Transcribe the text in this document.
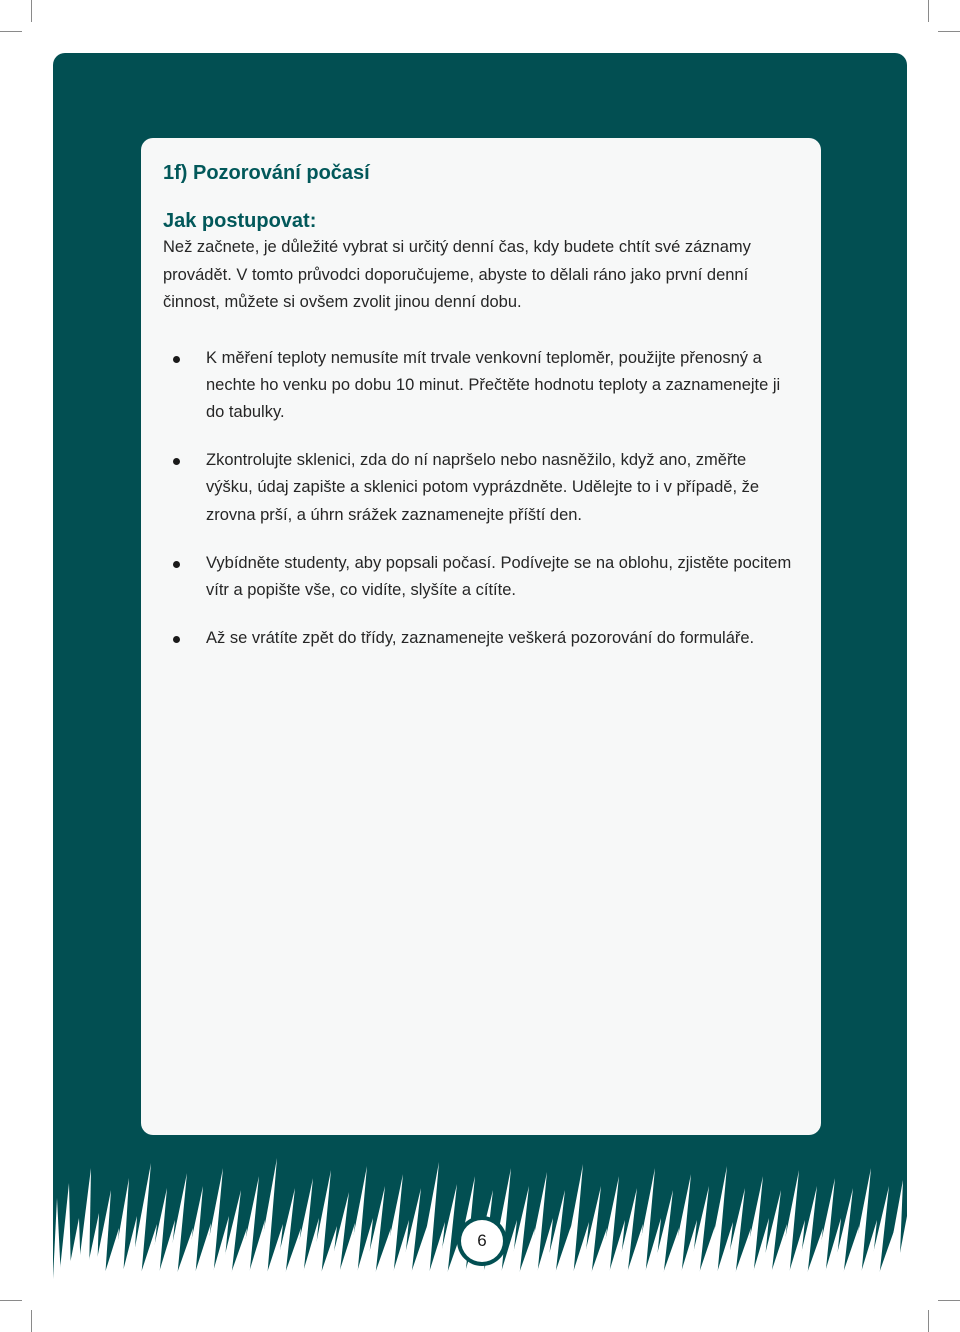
1f) Pozorování počasí
Jak postupovat:

Než začnete, je důležité vybrat si určitý denní čas, kdy budete chtít své záznamy provádět. V tomto průvodci doporučujeme, abyste to dělali ráno jako první denní činnost, můžete si ovšem zvolit jinou denní dobu.

K měření teploty nemusíte mít trvale venkovní teploměr, použijte přenosný a nechte ho venku po dobu 10 minut. Přečtěte hodnotu teploty a zaznamenejte ji do tabulky.
Zkontrolujte sklenici, zda do ní napršelo nebo nasněžilo, když ano, změřte výšku, údaj zapište a sklenici potom vyprázdněte. Udělejte to i v případě, že zrovna prší, a úhrn srážek zaznamenejte příští den.
Vybídněte studenty, aby popsali počasí. Podívejte se na oblohu, zjistěte pocitem vítr a popište vše, co vidíte, slyšíte a cítíte.
Až se vrátíte zpět do třídy, zaznamenejte veškerá pozorování do formuláře.
6
